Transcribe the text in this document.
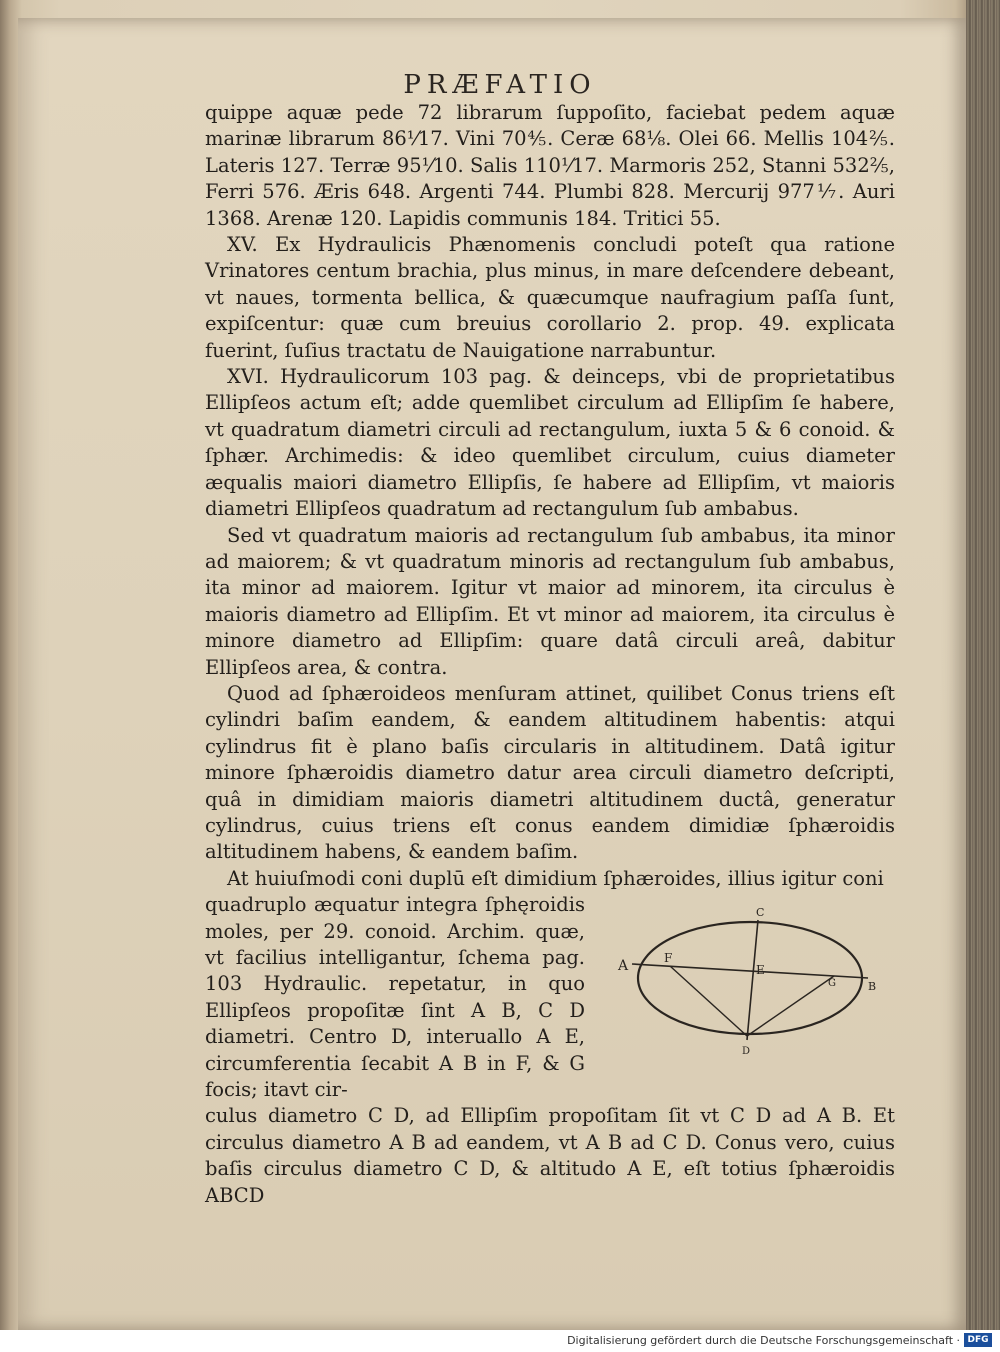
PRÆFATIO

quippe aquæ pede 72 librarum ſuppoſito, faciebat pedem aquæ marinæ librarum 86⅟17. Vini 70⅘. Ceræ 68⅛. Olei 66. Mellis 104⅖. Lateris 127. Terræ 95⅟10. Salis 110⅟17. Marmoris 252, Stanni 532⅖, Ferri 576. Æris 648. Argenti 744. Plumbi 828. Mercurij 977⅐. Auri 1368. Arenæ 120. Lapidis communis 184. Tritici 55.

XV. Ex Hydraulicis Phænomenis concludi poteſt qua ratione Vrinatores centum brachia, plus minus, in mare deſcendere debeant, vt naues, tormenta bellica, & quæcumque naufragium paſſa ſunt, expiſcentur: quæ cum breuius corollario 2. prop. 49. explicata fuerint, ſuſius tractatu de Nauigatione narrabuntur.

XVI. Hydraulicorum 103 pag. & deinceps, vbi de proprietatibus Ellipſeos actum eſt; adde quemlibet circulum ad Ellipſim ſe habere, vt quadratum diametri circuli ad rectangulum, iuxta 5 & 6 conoid. & ſphær. Archimedis: & ideo quemlibet circulum, cuius diameter æqualis maiori diametro Ellipſis, ſe habere ad Ellipſim, vt maioris diametri Ellipſeos quadratum ad rectangulum ſub ambabus.

Sed vt quadratum maioris ad rectangulum ſub ambabus, ita minor ad maiorem; & vt quadratum minoris ad rectangulum ſub ambabus, ita minor ad maiorem. Igitur vt maior ad minorem, ita circulus è maioris diametro ad Ellipſim. Et vt minor ad maiorem, ita circulus è minore diametro ad Ellipſim: quare datâ circuli areâ, dabitur Ellipſeos area, & contra.

Quod ad ſphæroideos menſuram attinet, quilibet Conus triens eſt cylindri baſim eandem, & eandem altitudinem habentis: atqui cylindrus fit è plano baſis circularis in altitudinem. Datâ igitur minore ſphæroidis diametro datur area circuli diametro deſcripti, quâ in dimidiam maioris diametri altitudinem ductâ, generatur cylindrus, cuius triens eſt conus eandem dimidiæ ſphæroidis altitudinem habens, & eandem baſim.

At huiuſmodi coni duplū eſt dimidium ſphæroides, illius igitur coni

quadruplo æquatur integra ſphęroidis moles, per 29. conoid. Archim. quæ, vt facilius intelligantur, ſchema pag. 103 Hydraulic. repetatur, in quo Ellipſeos propoſitæ ſint A B, C D diametri. Centro D, interuallo A E, circumferentia ſecabit A B in F, & G focis; itavt cir-
culus diametro C D, ad Ellipſim propoſitam ſit vt C D ad A B. Et circulus diametro A B ad eandem, vt A B ad C D. Conus vero, cuius baſis circulus diametro C D, & altitudo A E, eſt totius ſphæroidis ABCD
C
A	F
E
G	B
D
Digitalisierung gefördert durch die Deutsche Forschungsgemeinschaft · DFG
